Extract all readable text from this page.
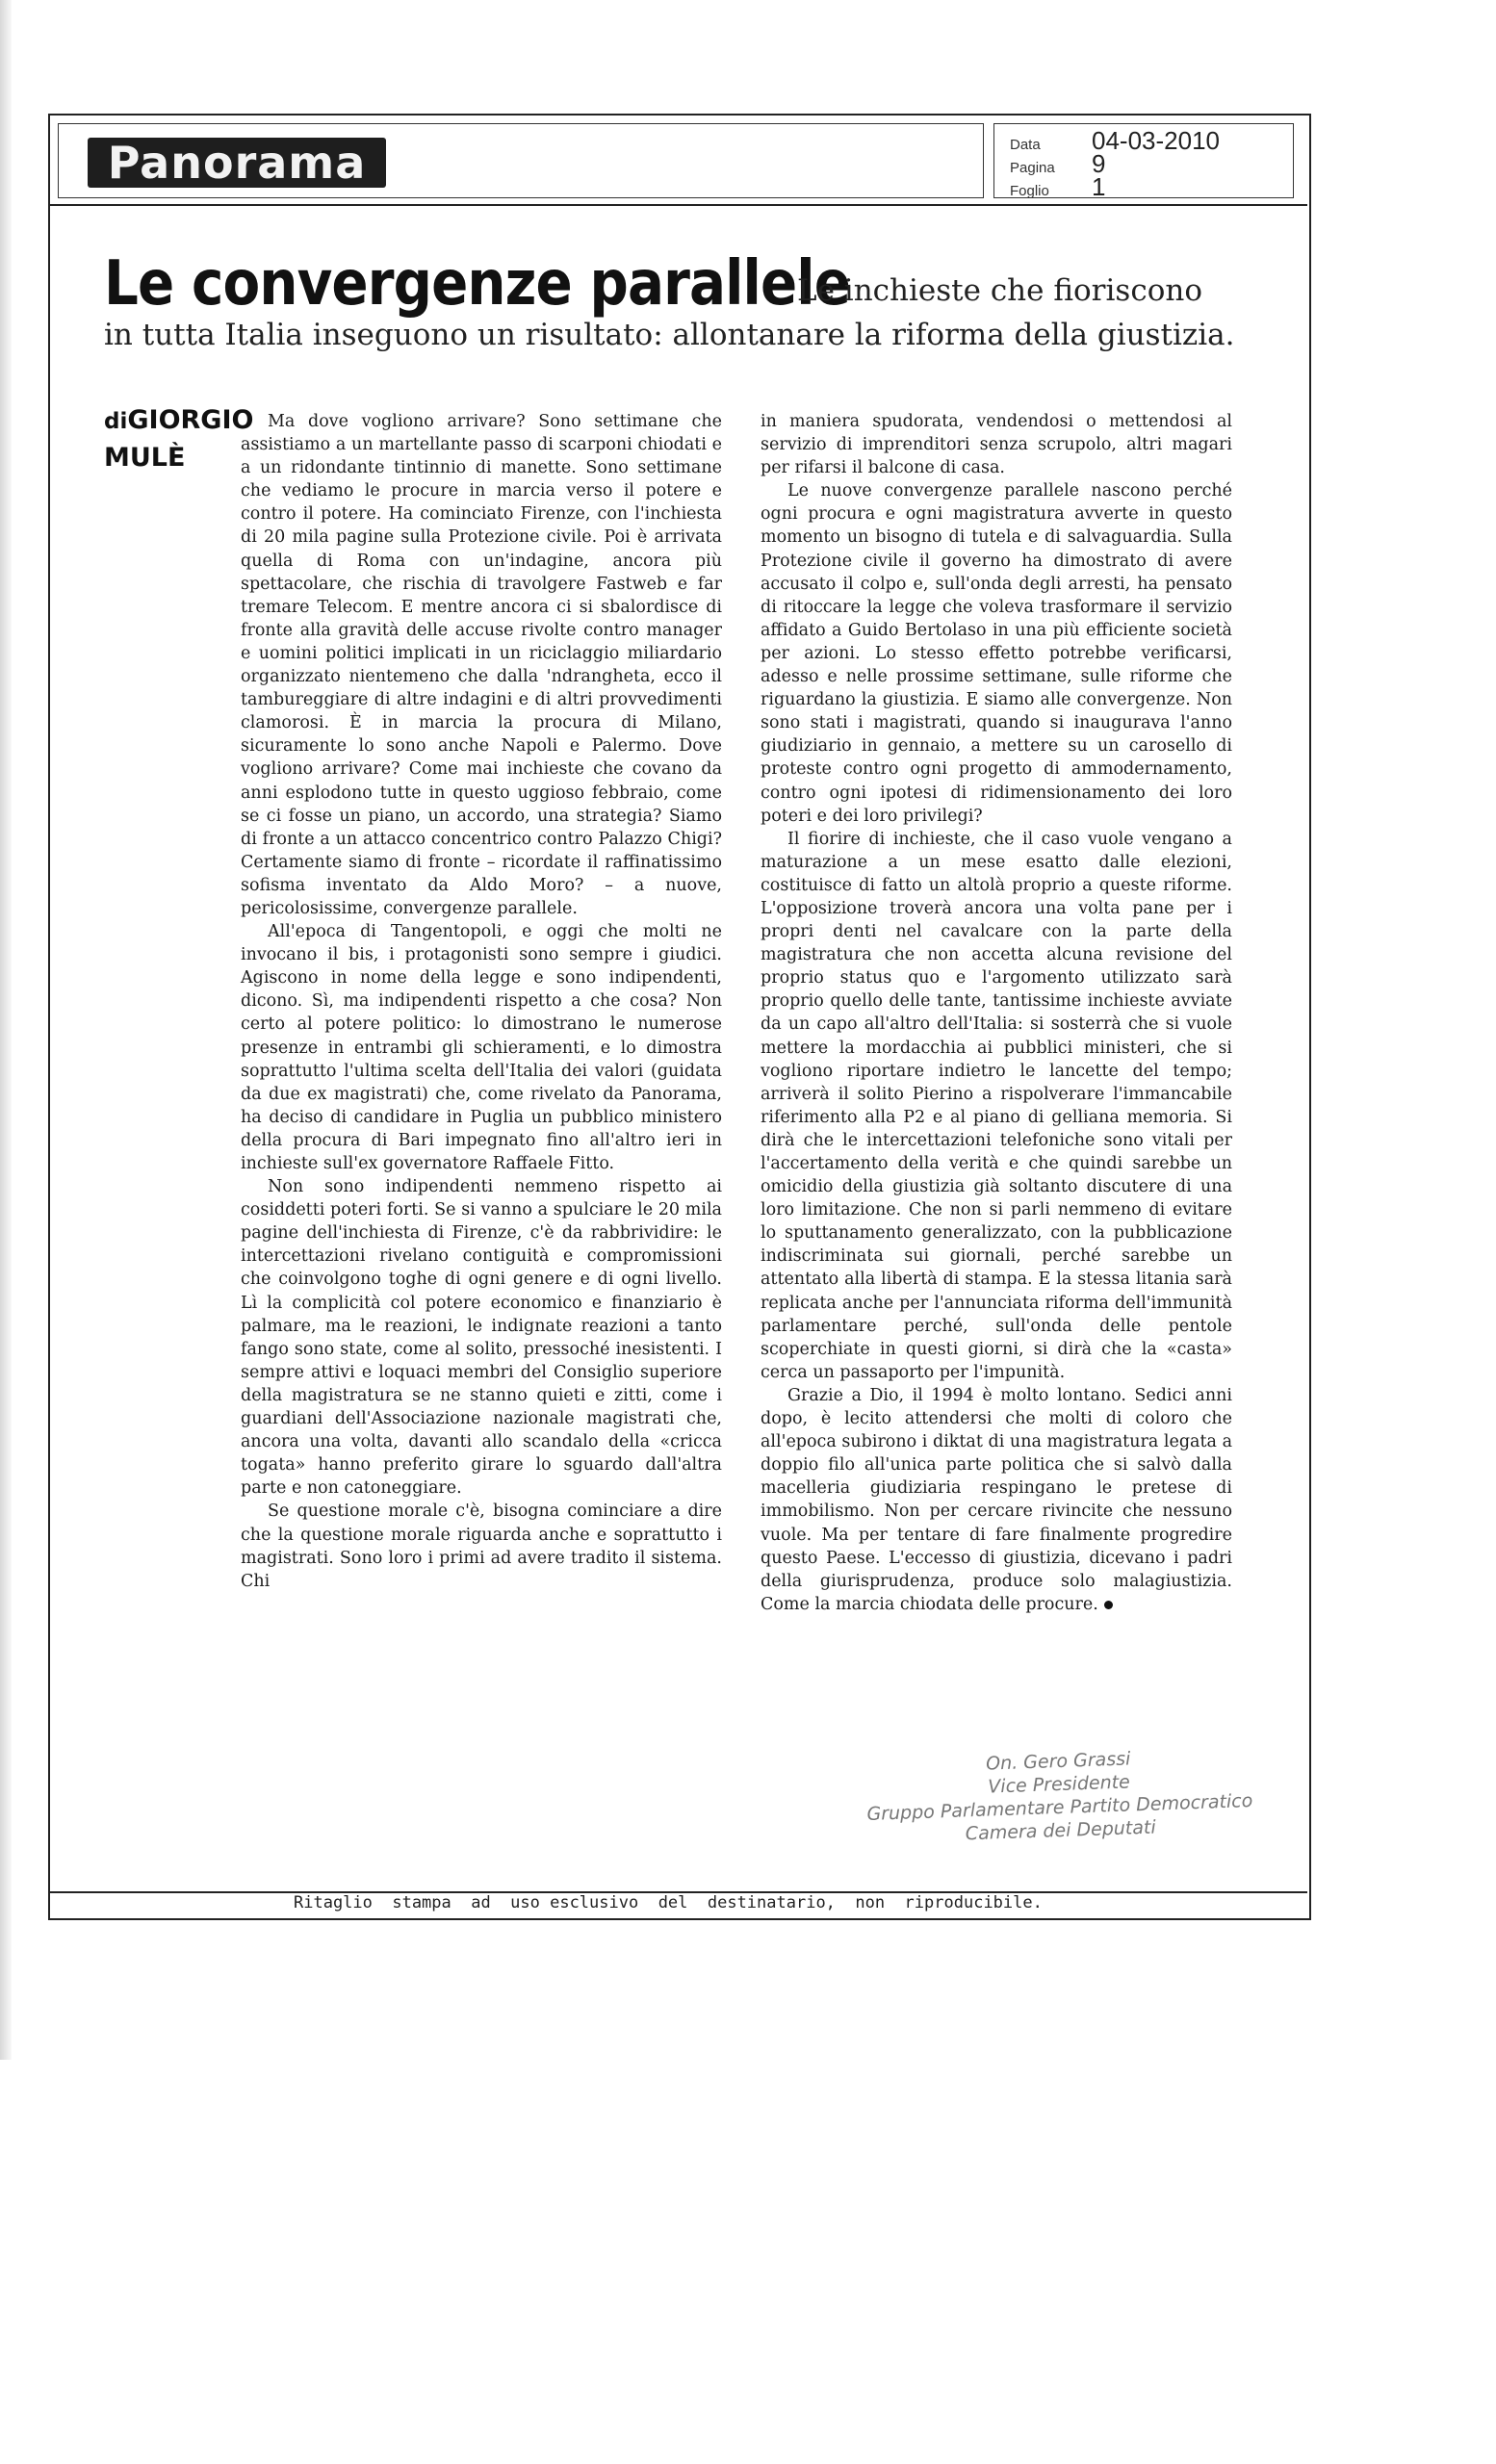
Panorama	Data	04-03-2010
Pagina	9
Foglio	1
Le convergenze parallele
Le inchieste che fioriscono
in tutta Italia inseguono un risultato: allontanare la riforma della giustizia.
diGIORGIO
MULÈ

Ma dove vogliono arrivare? Sono settimane che assistiamo a un martellante passo di scarponi chiodati e a un ridondante tintinnio di manette. Sono settimane che vediamo le procure in marcia verso il potere e contro il potere. Ha cominciato Firenze, con l'inchiesta di 20 mila pagine sulla Protezione civile. Poi è arrivata quella di Roma con un'indagine, ancora più spettacolare, che rischia di travolgere Fastweb e far tremare Telecom. E mentre ancora ci si sbalordisce di fronte alla gravità delle accuse rivolte contro manager e uomini politici implicati in un riciclaggio miliardario organizzato nientemeno che dalla 'ndrangheta, ecco il tambureggiare di altre indagini e di altri provvedimenti clamorosi. È in marcia la procura di Milano, sicuramente lo sono anche Napoli e Palermo. Dove vogliono arrivare? Come mai inchieste che covano da anni esplodono tutte in questo uggioso febbraio, come se ci fosse un piano, un accordo, una strategia? Siamo di fronte a un attacco concentrico contro Palazzo Chigi? Certamente siamo di fronte – ricordate il raffinatissimo sofisma inventato da Aldo Moro? – a nuove, pericolosissime, convergenze parallele.

All'epoca di Tangentopoli, e oggi che molti ne invocano il bis, i protagonisti sono sempre i giudici. Agiscono in nome della legge e sono indipendenti, dicono. Sì, ma indipendenti rispetto a che cosa? Non certo al potere politico: lo dimostrano le numerose presenze in entrambi gli schieramenti, e lo dimostra soprattutto l'ultima scelta dell'Italia dei valori (guidata da due ex magistrati) che, come rivelato da Panorama, ha deciso di candidare in Puglia un pubblico ministero della procura di Bari impegnato fino all'altro ieri in inchieste sull'ex governatore Raffaele Fitto.

Non sono indipendenti nemmeno rispetto ai cosiddetti poteri forti. Se si vanno a spulciare le 20 mila pagine dell'inchiesta di Firenze, c'è da rabbrividire: le intercettazioni rivelano contiguità e compromissioni che coinvolgono toghe di ogni genere e di ogni livello. Lì la complicità col potere economico e finanziario è palmare, ma le reazioni, le indignate reazioni a tanto fango sono state, come al solito, pressoché inesistenti. I sempre attivi e loquaci membri del Consiglio superiore della magistratura se ne stanno quieti e zitti, come i guardiani dell'Associazione nazionale magistrati che, ancora una volta, davanti allo scandalo della «cricca togata» hanno preferito girare lo sguardo dall'altra parte e non catoneggiare.

Se questione morale c'è, bisogna cominciare a dire che la questione morale riguarda anche e soprattutto i magistrati. Sono loro i primi ad avere tradito il sistema. Chi

in maniera spudorata, vendendosi o mettendosi al servizio di imprenditori senza scrupolo, altri magari per rifarsi il balcone di casa.

Le nuove convergenze parallele nascono perché ogni procura e ogni magistratura avverte in questo momento un bisogno di tutela e di salvaguardia. Sulla Protezione civile il governo ha dimostrato di avere accusato il colpo e, sull'onda degli arresti, ha pensato di ritoccare la legge che voleva trasformare il servizio affidato a Guido Bertolaso in una più efficiente società per azioni. Lo stesso effetto potrebbe verificarsi, adesso e nelle prossime settimane, sulle riforme che riguardano la giustizia. E siamo alle convergenze. Non sono stati i magistrati, quando si inaugurava l'anno giudiziario in gennaio, a mettere su un carosello di proteste contro ogni progetto di ammodernamento, contro ogni ipotesi di ridimensionamento dei loro poteri e dei loro privilegi?

Il fiorire di inchieste, che il caso vuole vengano a maturazione a un mese esatto dalle elezioni, costituisce di fatto un altolà proprio a queste riforme. L'opposizione troverà ancora una volta pane per i propri denti nel cavalcare con la parte della magistratura che non accetta alcuna revisione del proprio status quo e l'argomento utilizzato sarà proprio quello delle tante, tantissime inchieste avviate da un capo all'altro dell'Italia: si sosterrà che si vuole mettere la mordacchia ai pubblici ministeri, che si vogliono riportare indietro le lancette del tempo; arriverà il solito Pierino a rispolverare l'immancabile riferimento alla P2 e al piano di gelliana memoria. Si dirà che le intercettazioni telefoniche sono vitali per l'accertamento della verità e che quindi sarebbe un omicidio della giustizia già soltanto discutere di una loro limitazione. Che non si parli nemmeno di evitare lo sputtanamento generalizzato, con la pubblicazione indiscriminata sui giornali, perché sarebbe un attentato alla libertà di stampa. E la stessa litania sarà replicata anche per l'annunciata riforma dell'immunità parlamentare perché, sull'onda delle pentole scoperchiate in questi giorni, si dirà che la «casta» cerca un passaporto per l'impunità.

Grazie a Dio, il 1994 è molto lontano. Sedici anni dopo, è lecito attendersi che molti di coloro che all'epoca subirono i diktat di una magistratura legata a doppio filo all'unica parte politica che si salvò dalla macelleria giudiziaria respingano le pretese di immobilismo. Non per cercare rivincite che nessuno vuole. Ma per tentare di fare finalmente progredire questo Paese. L'eccesso di giustizia, dicevano i padri della giurisprudenza, produce solo malagiustizia. Come la marcia chiodata delle procure.

On. Gero Grassi
Vice Presidente
Gruppo Parlamentare Partito Democratico
Camera dei Deputati
Ritaglio  stampa  ad  uso esclusivo  del  destinatario,  non  riproducibile.
